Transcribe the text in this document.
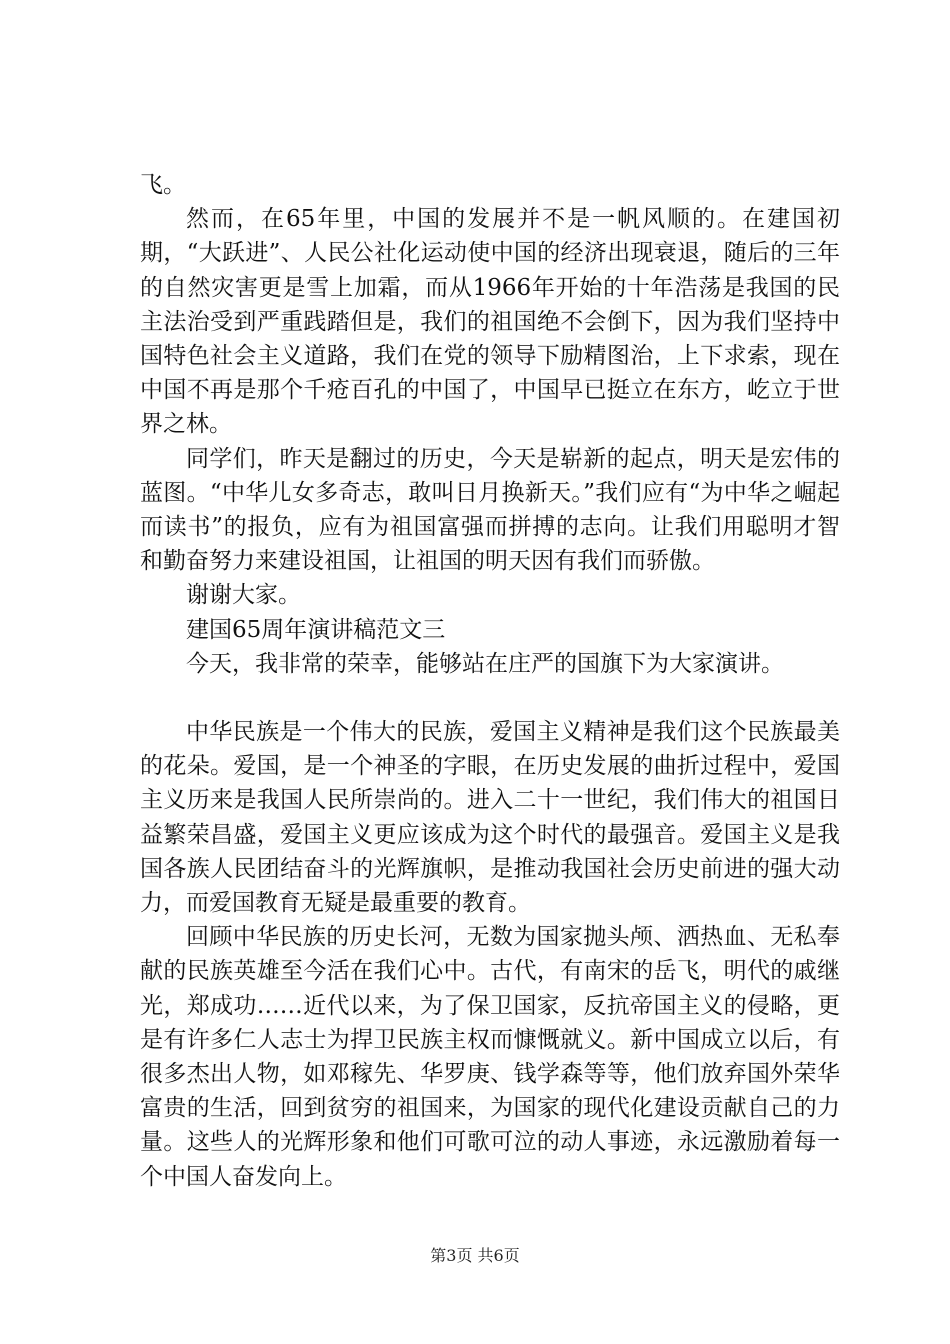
飞。

然而，在65年里，中国的发展并不是一帆风顺的。在建国初期，“大跃进”、人民公社化运动使中国的经济出现衰退，随后的三年的自然灾害更是雪上加霜，而从1966年开始的十年浩荡是我国的民主法治受到严重践踏但是，我们的祖国绝不会倒下，因为我们坚持中国特色社会主义道路，我们在党的领导下励精图治，上下求索，现在中国不再是那个千疮百孔的中国了，中国早已挺立在东方，屹立于世界之林。

同学们，昨天是翻过的历史，今天是崭新的起点，明天是宏伟的蓝图。“中华儿女多奇志，敢叫日月换新天。”我们应有“为中华之崛起而读书”的报负，应有为祖国富强而拼搏的志向。让我们用聪明才智和勤奋努力来建设祖国，让祖国的明天因有我们而骄傲。

谢谢大家。

建国65周年演讲稿范文三

今天，我非常的荣幸，能够站在庄严的国旗下为大家演讲。

中华民族是一个伟大的民族，爱国主义精神是我们这个民族最美的花朵。爱国，是一个神圣的字眼，在历史发展的曲折过程中，爱国主义历来是我国人民所崇尚的。进入二十一世纪，我们伟大的祖国日益繁荣昌盛，爱国主义更应该成为这个时代的最强音。爱国主义是我国各族人民团结奋斗的光辉旗帜，是推动我国社会历史前进的强大动力，而爱国教育无疑是最重要的教育。

回顾中华民族的历史长河，无数为国家抛头颅、洒热血、无私奉献的民族英雄至今活在我们心中。古代，有南宋的岳飞，明代的戚继光，郑成功……近代以来，为了保卫国家，反抗帝国主义的侵略，更是有许多仁人志士为捍卫民族主权而慷慨就义。新中国成立以后，有很多杰出人物，如邓稼先、华罗庚、钱学森等等，他们放弃国外荣华富贵的生活，回到贫穷的祖国来，为国家的现代化建设贡献自己的力量。这些人的光辉形象和他们可歌可泣的动人事迹，永远激励着每一个中国人奋发向上。

第3页 共6页
